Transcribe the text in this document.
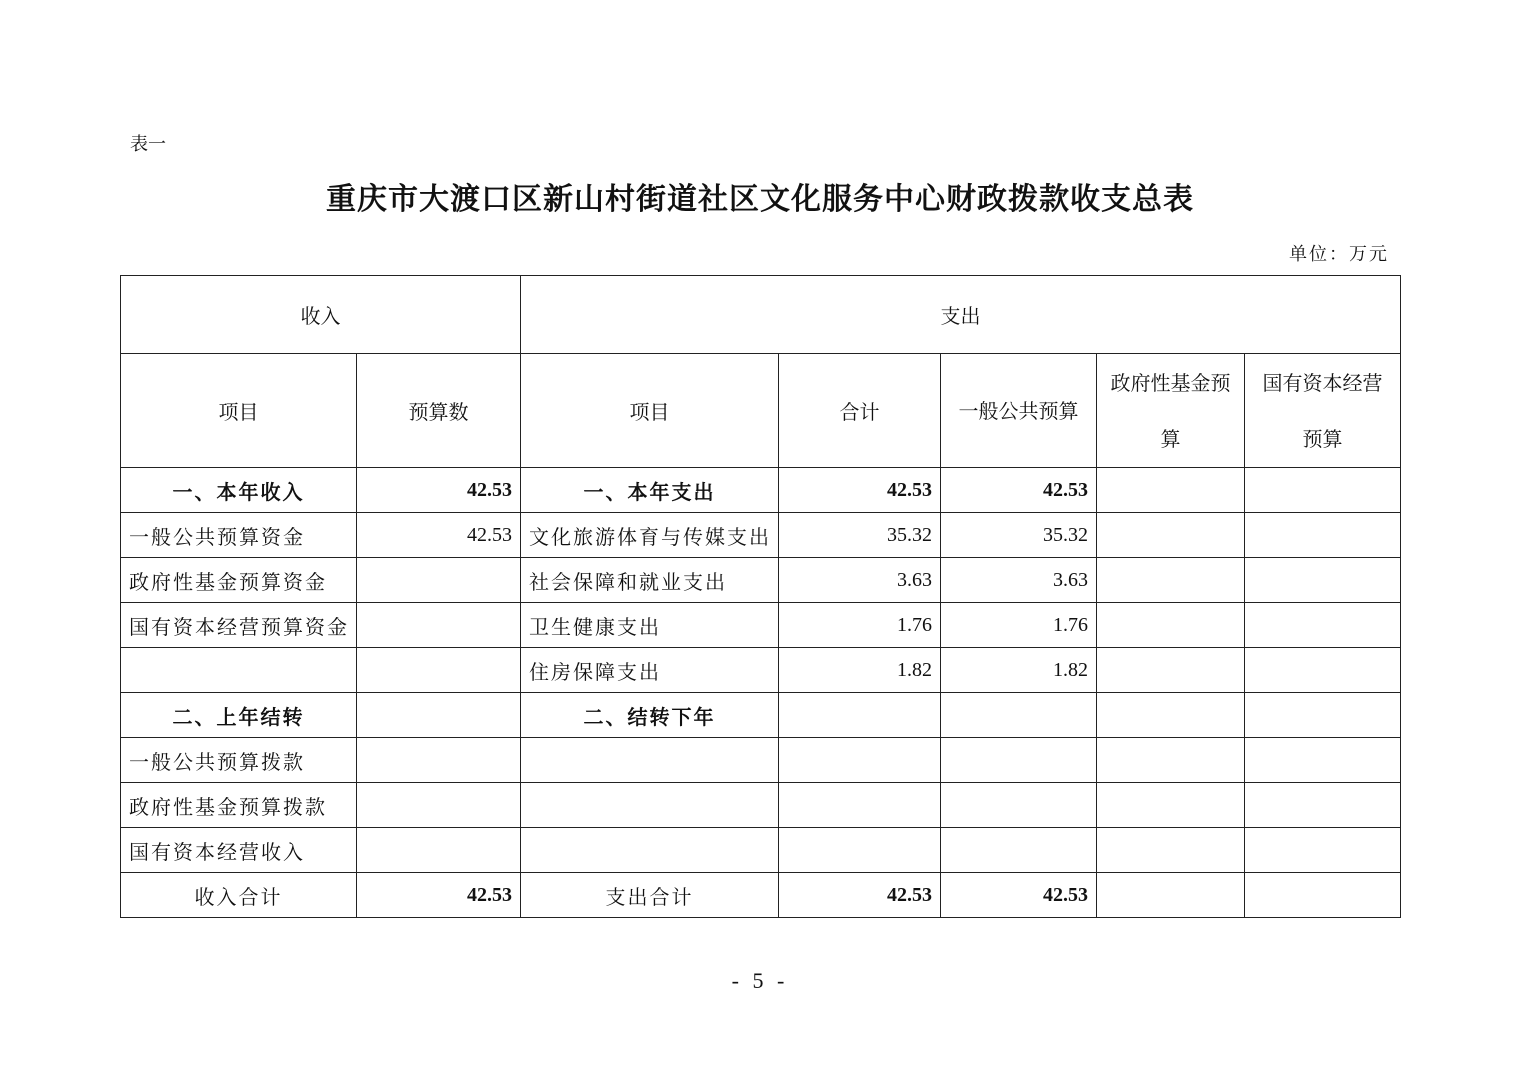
表一
重庆市大渡口区新山村街道社区文化服务中心财政拨款收支总表
单位：万元
收入		支出				
项目	预算数	项目	合计	一般公共预算	政府性基金预算	国有资本经营预算
一、本年收入	42.53	一、本年支出	42.53	42.53		
一般公共预算资金	42.53	文化旅游体育与传媒支出	35.32	35.32		
政府性基金预算资金		社会保障和就业支出	3.63	3.63		
国有资本经营预算资金		卫生健康支出	1.76	1.76		
		住房保障支出	1.82	1.82		
二、上年结转		二、结转下年				
一般公共预算拨款						
政府性基金预算拨款						
国有资本经营收入						
收入合计	42.53	支出合计	42.53	42.53		
- 5 -
